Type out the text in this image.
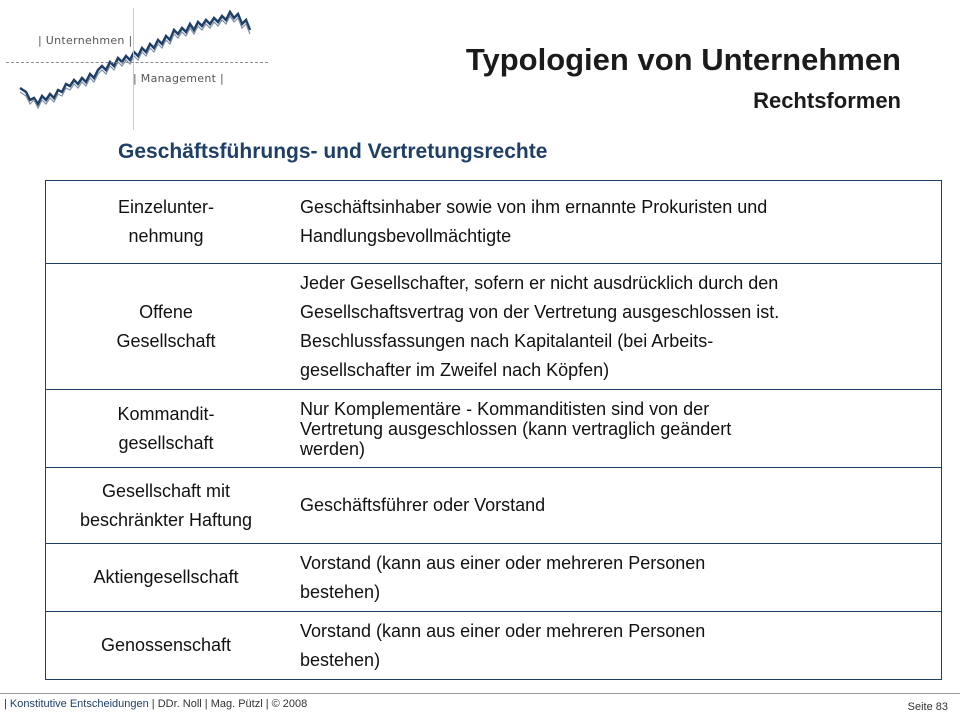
| Unternehmen |
| Management |
Typologien von Unternehmen
Rechtsformen
Geschäftsführungs- und Vertretungsrechte
Einzelunter-
nehmung
Geschäftsinhaber sowie von ihm ernannte Prokuristen und
Handlungsbevollmächtigte
Offene
Gesellschaft
Jeder Gesellschafter, sofern er nicht ausdrücklich durch den
Gesellschaftsvertrag von der Vertretung ausgeschlossen ist.
Beschlussfassungen nach Kapitalanteil (bei Arbeits-
gesellschafter im Zweifel nach Köpfen)
Kommandit-
gesellschaft
Nur Komplementäre - Kommanditisten sind von der
Vertretung ausgeschlossen (kann vertraglich geändert
werden)
Gesellschaft mit
beschränkter Haftung
Geschäftsführer oder Vorstand
Aktiengesellschaft
Vorstand (kann aus einer oder mehreren Personen
bestehen)
Genossenschaft
Vorstand (kann aus einer oder mehreren Personen
bestehen)
| Konstitutive Entscheidungen | DDr. Noll | Mag. Pützl | © 2008	Seite 83
